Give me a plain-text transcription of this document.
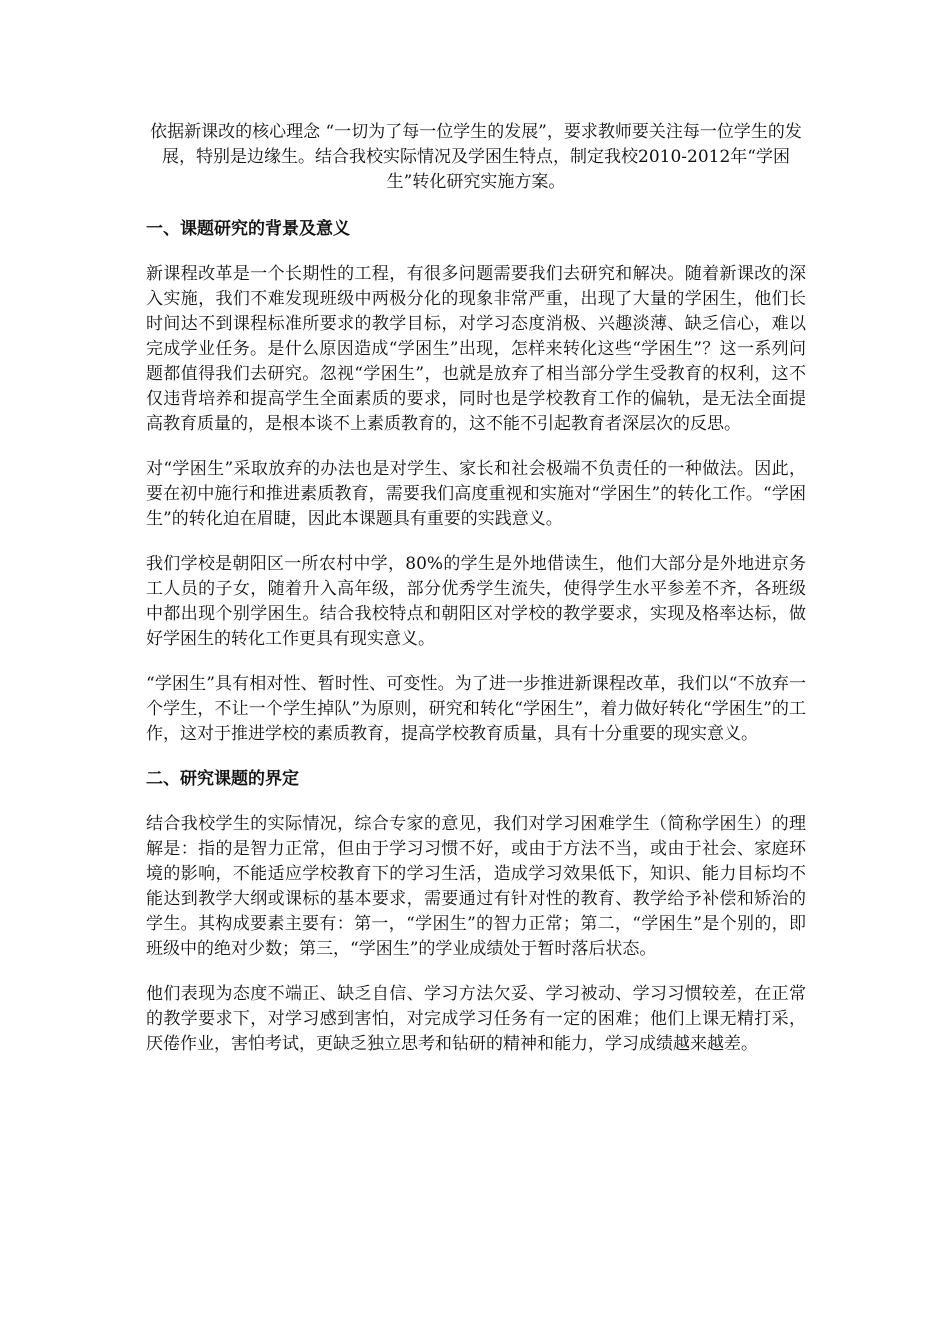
依据新课改的核心理念 “一切为了每一位学生的发展”，要求教师要关注每一位学生的发展，特别是边缘生。结合我校实际情况及学困生特点，制定我校2010-2012年“学困生”转化研究实施方案。

一、课题研究的背景及意义

新课程改革是一个长期性的工程，有很多问题需要我们去研究和解决。随着新课改的深入实施，我们不难发现班级中两极分化的现象非常严重，出现了大量的学困生，他们长时间达不到课程标准所要求的教学目标，对学习态度消极、兴趣淡薄、缺乏信心，难以完成学业任务。是什么原因造成“学困生”出现，怎样来转化这些“学困生”？这一系列问题都值得我们去研究。忽视“学困生”，也就是放弃了相当部分学生受教育的权利，这不仅违背培养和提高学生全面素质的要求，同时也是学校教育工作的偏轨，是无法全面提高教育质量的，是根本谈不上素质教育的，这不能不引起教育者深层次的反思。

对“学困生”采取放弃的办法也是对学生、家长和社会极端不负责任的一种做法。因此，要在初中施行和推进素质教育，需要我们高度重视和实施对“学困生”的转化工作。“学困生”的转化迫在眉睫，因此本课题具有重要的实践意义。

我们学校是朝阳区一所农村中学，80%的学生是外地借读生，他们大部分是外地进京务工人员的子女，随着升入高年级，部分优秀学生流失，使得学生水平参差不齐，各班级中都出现个别学困生。结合我校特点和朝阳区对学校的教学要求，实现及格率达标，做好学困生的转化工作更具有现实意义。

“学困生”具有相对性、暂时性、可变性。为了进一步推进新课程改革，我们以“不放弃一个学生，不让一个学生掉队”为原则，研究和转化“学困生”，着力做好转化“学困生”的工作，这对于推进学校的素质教育，提高学校教育质量，具有十分重要的现实意义。

二、研究课题的界定

结合我校学生的实际情况，综合专家的意见，我们对学习困难学生（简称学困生）的理解是：指的是智力正常，但由于学习习惯不好，或由于方法不当，或由于社会、家庭环境的影响，不能适应学校教育下的学习生活，造成学习效果低下，知识、能力目标均不能达到教学大纲或课标的基本要求，需要通过有针对性的教育、教学给予补偿和矫治的学生。其构成要素主要有：第一，“学困生”的智力正常；第二，“学困生”是个别的，即班级中的绝对少数；第三，“学困生”的学业成绩处于暂时落后状态。

他们表现为态度不端正、缺乏自信、学习方法欠妥、学习被动、学习习惯较差，在正常的教学要求下，对学习感到害怕，对完成学习任务有一定的困难；他们上课无精打采，厌倦作业，害怕考试，更缺乏独立思考和钻研的精神和能力，学习成绩越来越差。
